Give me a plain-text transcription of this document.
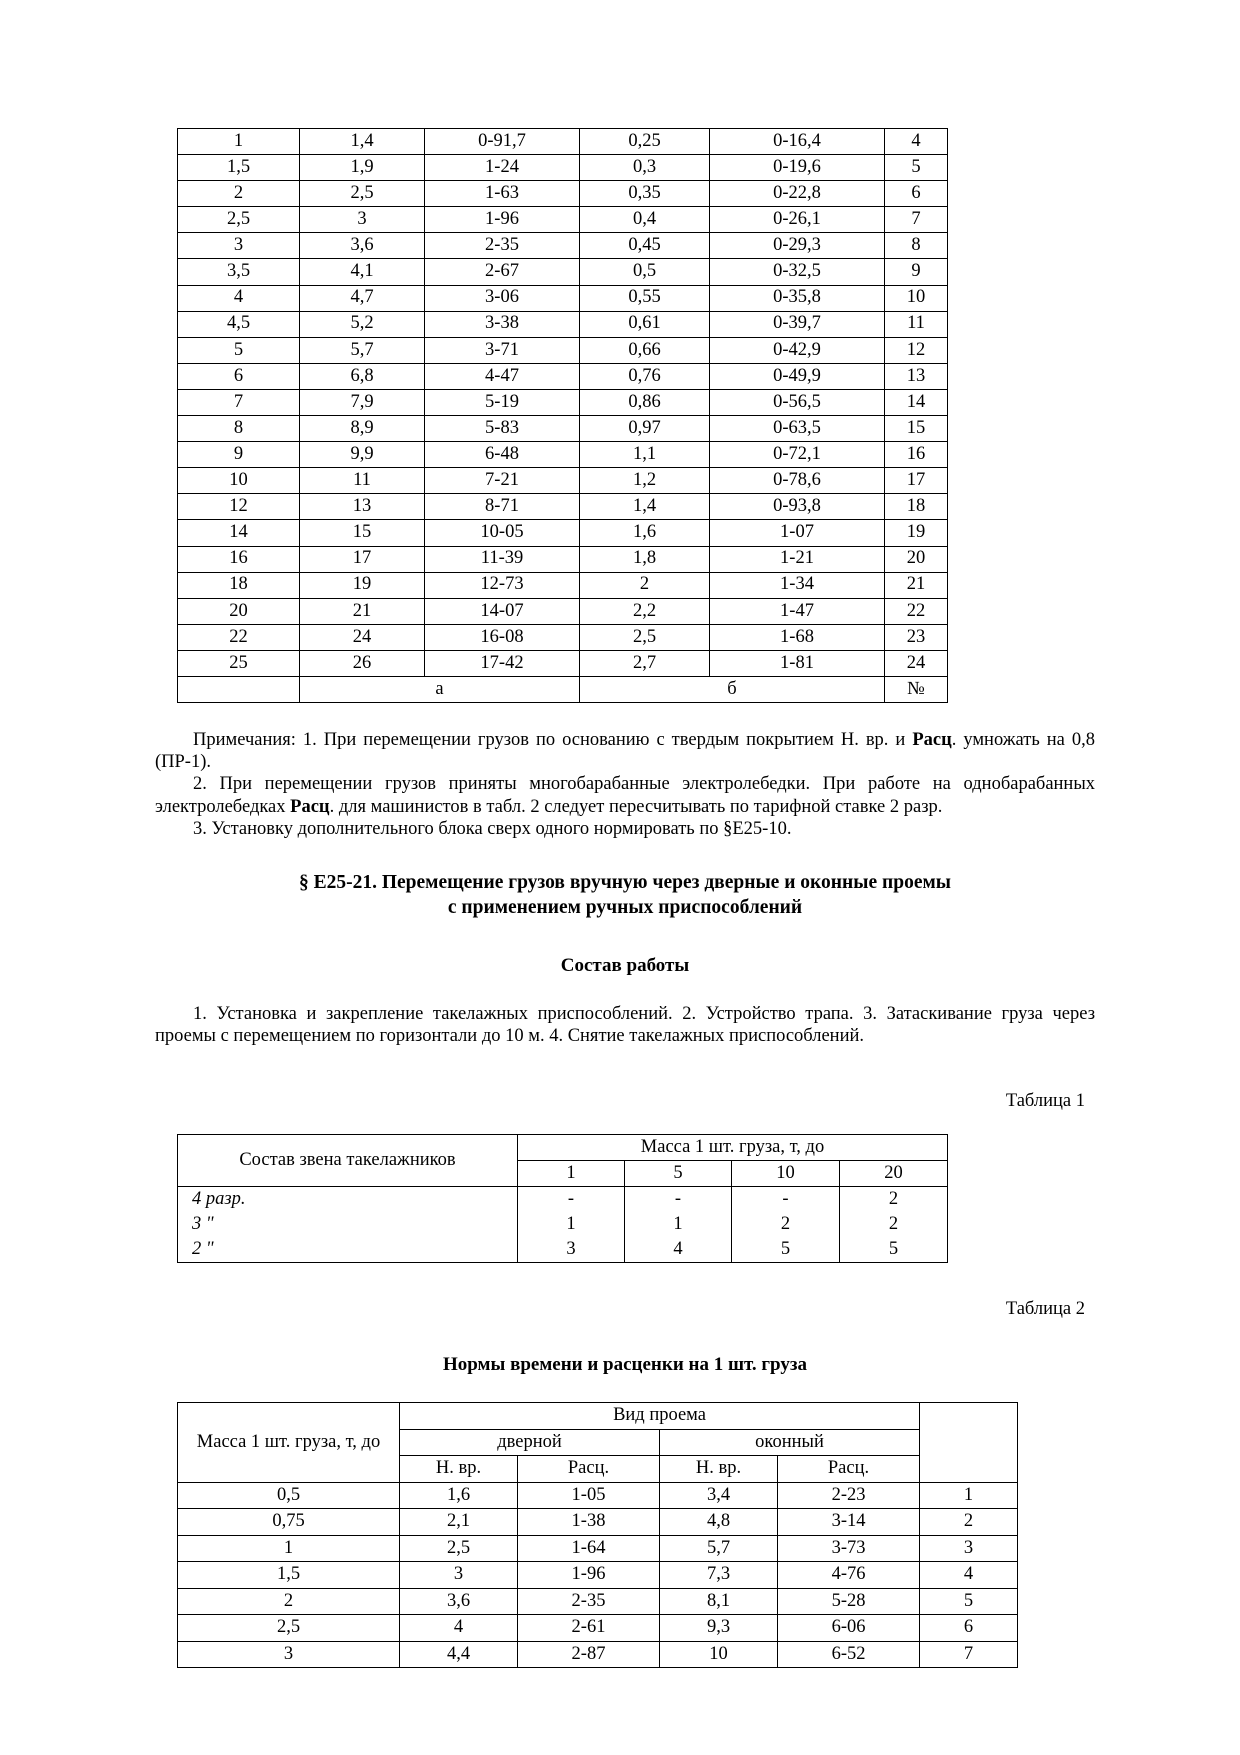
1	1,4	0-91,7	0,25	0-16,4	4
1,5	1,9	1-24	0,3	0-19,6	5
2	2,5	1-63	0,35	0-22,8	6
2,5	3	1-96	0,4	0-26,1	7
3	3,6	2-35	0,45	0-29,3	8
3,5	4,1	2-67	0,5	0-32,5	9
4	4,7	3-06	0,55	0-35,8	10
4,5	5,2	3-38	0,61	0-39,7	11
5	5,7	3-71	0,66	0-42,9	12
6	6,8	4-47	0,76	0-49,9	13
7	7,9	5-19	0,86	0-56,5	14
8	8,9	5-83	0,97	0-63,5	15
9	9,9	6-48	1,1	0-72,1	16
10	11	7-21	1,2	0-78,6	17
12	13	8-71	1,4	0-93,8	18
14	15	10-05	1,6	1-07	19
16	17	11-39	1,8	1-21	20
18	19	12-73	2	1-34	21
20	21	14-07	2,2	1-47	22
22	24	16-08	2,5	1-68	23
25	26	17-42	2,7	1-81	24
	а		б		№

Примечания: 1. При перемещении грузов по основанию с твердым покрытием Н. вр. и Расц. умножать на 0,8 (ПР-1).

2. При перемещении грузов приняты многобарабанные электролебедки. При работе на однобарабанных электролебедках Расц. для машинистов в табл. 2 следует пересчитывать по тарифной ставке 2 разр.

3. Установку дополнительного блока сверх одного нормировать по §Е25-10.

§ Е25-21. Перемещение грузов вручную через дверные и оконные проемы
с применением ручных приспособлений
Состав работы

1. Установка и закрепление такелажных приспособлений. 2. Устройство трапа. 3. Затаскивание груза через проемы с перемещением по горизонтали до 10 м. 4. Снятие такелажных приспособлений.

Таблица 1

Состав звена такелажников	Масса 1 шт. груза, т, до			
	1	5	10	20
4 разр.	-	-	-	2
3 "	1	1	2	2
2 "	3	4	5	5

Таблица 2

Нормы времени и расценки на 1 шт. груза
Масса 1 шт. груза, т, до	Вид проема				
	дверной		оконный		
	Н. вр.	Расц.	Н. вр.	Расц.	
0,5	1,6	1-05	3,4	2-23	1
0,75	2,1	1-38	4,8	3-14	2
1	2,5	1-64	5,7	3-73	3
1,5	3	1-96	7,3	4-76	4
2	3,6	2-35	8,1	5-28	5
2,5	4	2-61	9,3	6-06	6
3	4,4	2-87	10	6-52	7
